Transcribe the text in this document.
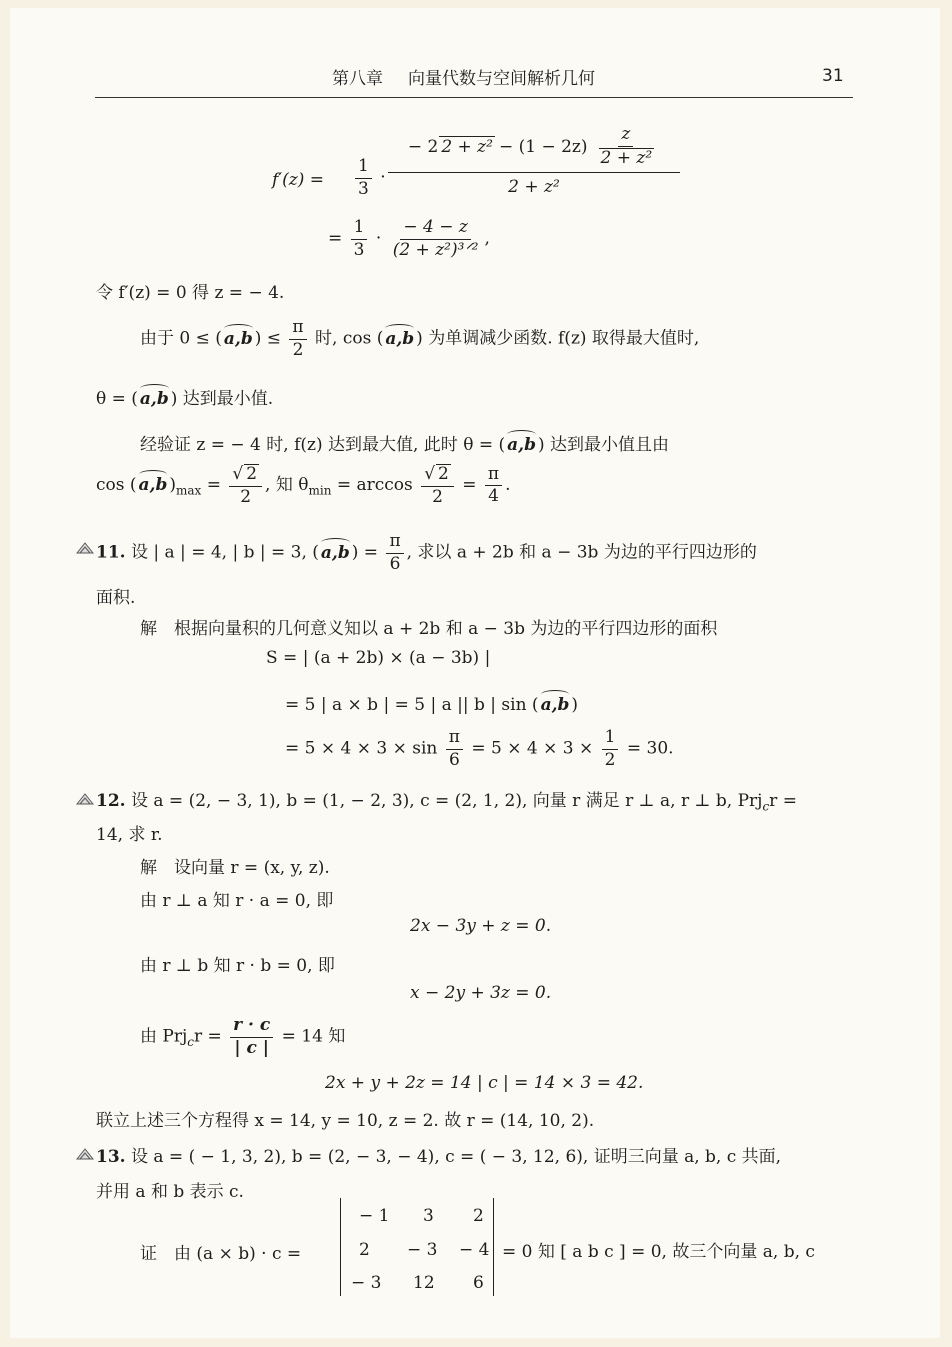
第八章 向量代数与空间解析几何	31
$f'(z) = \frac{1}{3}$ ·
− 2 $2 + z^2 - (1 - 2z) \frac{z}{\text{2 + z²}}$
2 + z²
= $\frac{1}{3} \cdot \frac{- 4 - z}{\text{(2 + z²)³ᐟ²}}$ ,
令 f′(z) = 0 得 z = − 4.
由于 0 ≤ ( a,b ) ≤ $\frac{\pi}{2}$ 时, cos ( a,b ) 为单调减少函数. f(z) 取得最大值时,
θ = ( a,b ) 达到最小值.
经验证 z = − 4 时, f(z) 达到最大值, 此时 θ = ( a,b ) 达到最小值且由
cos ( a,b )$_{max} = \frac{√ 2}{2}$ , 知 $\theta_{min} = \arccos \frac{√ 2}{2} = \frac{\pi}{4}$ .
11. 设 | a | = 4, | b | = 3, ( a,b ) = $\frac{\pi}{6}$ , 求以 a + 2b 和 a − 3b 为边的平行四边形的
面积.
解　根据向量积的几何意义知以 a + 2b 和 a − 3b 为边的平行四边形的面积
S = | (a + 2b) × (a − 3b) |
= 5 | a × b | = 5 | a || b | sin ( a,b )
= $5 \times 4 \times 3 \times \sin \frac{\pi}{6} = 5 \times 4 \times 3 \times \frac{1}{2} = 30$.
12. 设 a = (2, − 3, 1), b = (1, − 2, 3), c = (2, 1, 2), 向量 r 满足 r ⊥ a, r ⊥ b, Prj$_c$r =
14, 求 r.
解　设向量 r = (x, y, z).
由 r ⊥ a 知 r · a = 0, 即
2x − 3y + z = 0.
由 r ⊥ b 知 r · b = 0, 即
x − 2y + 3z = 0.
由 $Prj_cr = \frac{r \cdot c}{| c |} = 14$ 知
2x + y + 2z = 14 | c | = 14 × 3 = 42.
联立上述三个方程得 x = 14, y = 10, z = 2. 故 r = (14, 10, 2).
13. 设 a = ( − 1, 3, 2), b = (2, − 3, − 4), c = ( − 3, 12, 6), 证明三向量 a, b, c 共面,
并用 a 和 b 表示 c.
证　由 (a × b) · c =
− 1 3 2
2 − 3 − 4
− 3 12 6
= 0 知 [ a b c ] = 0, 故三个向量 a, b, c
